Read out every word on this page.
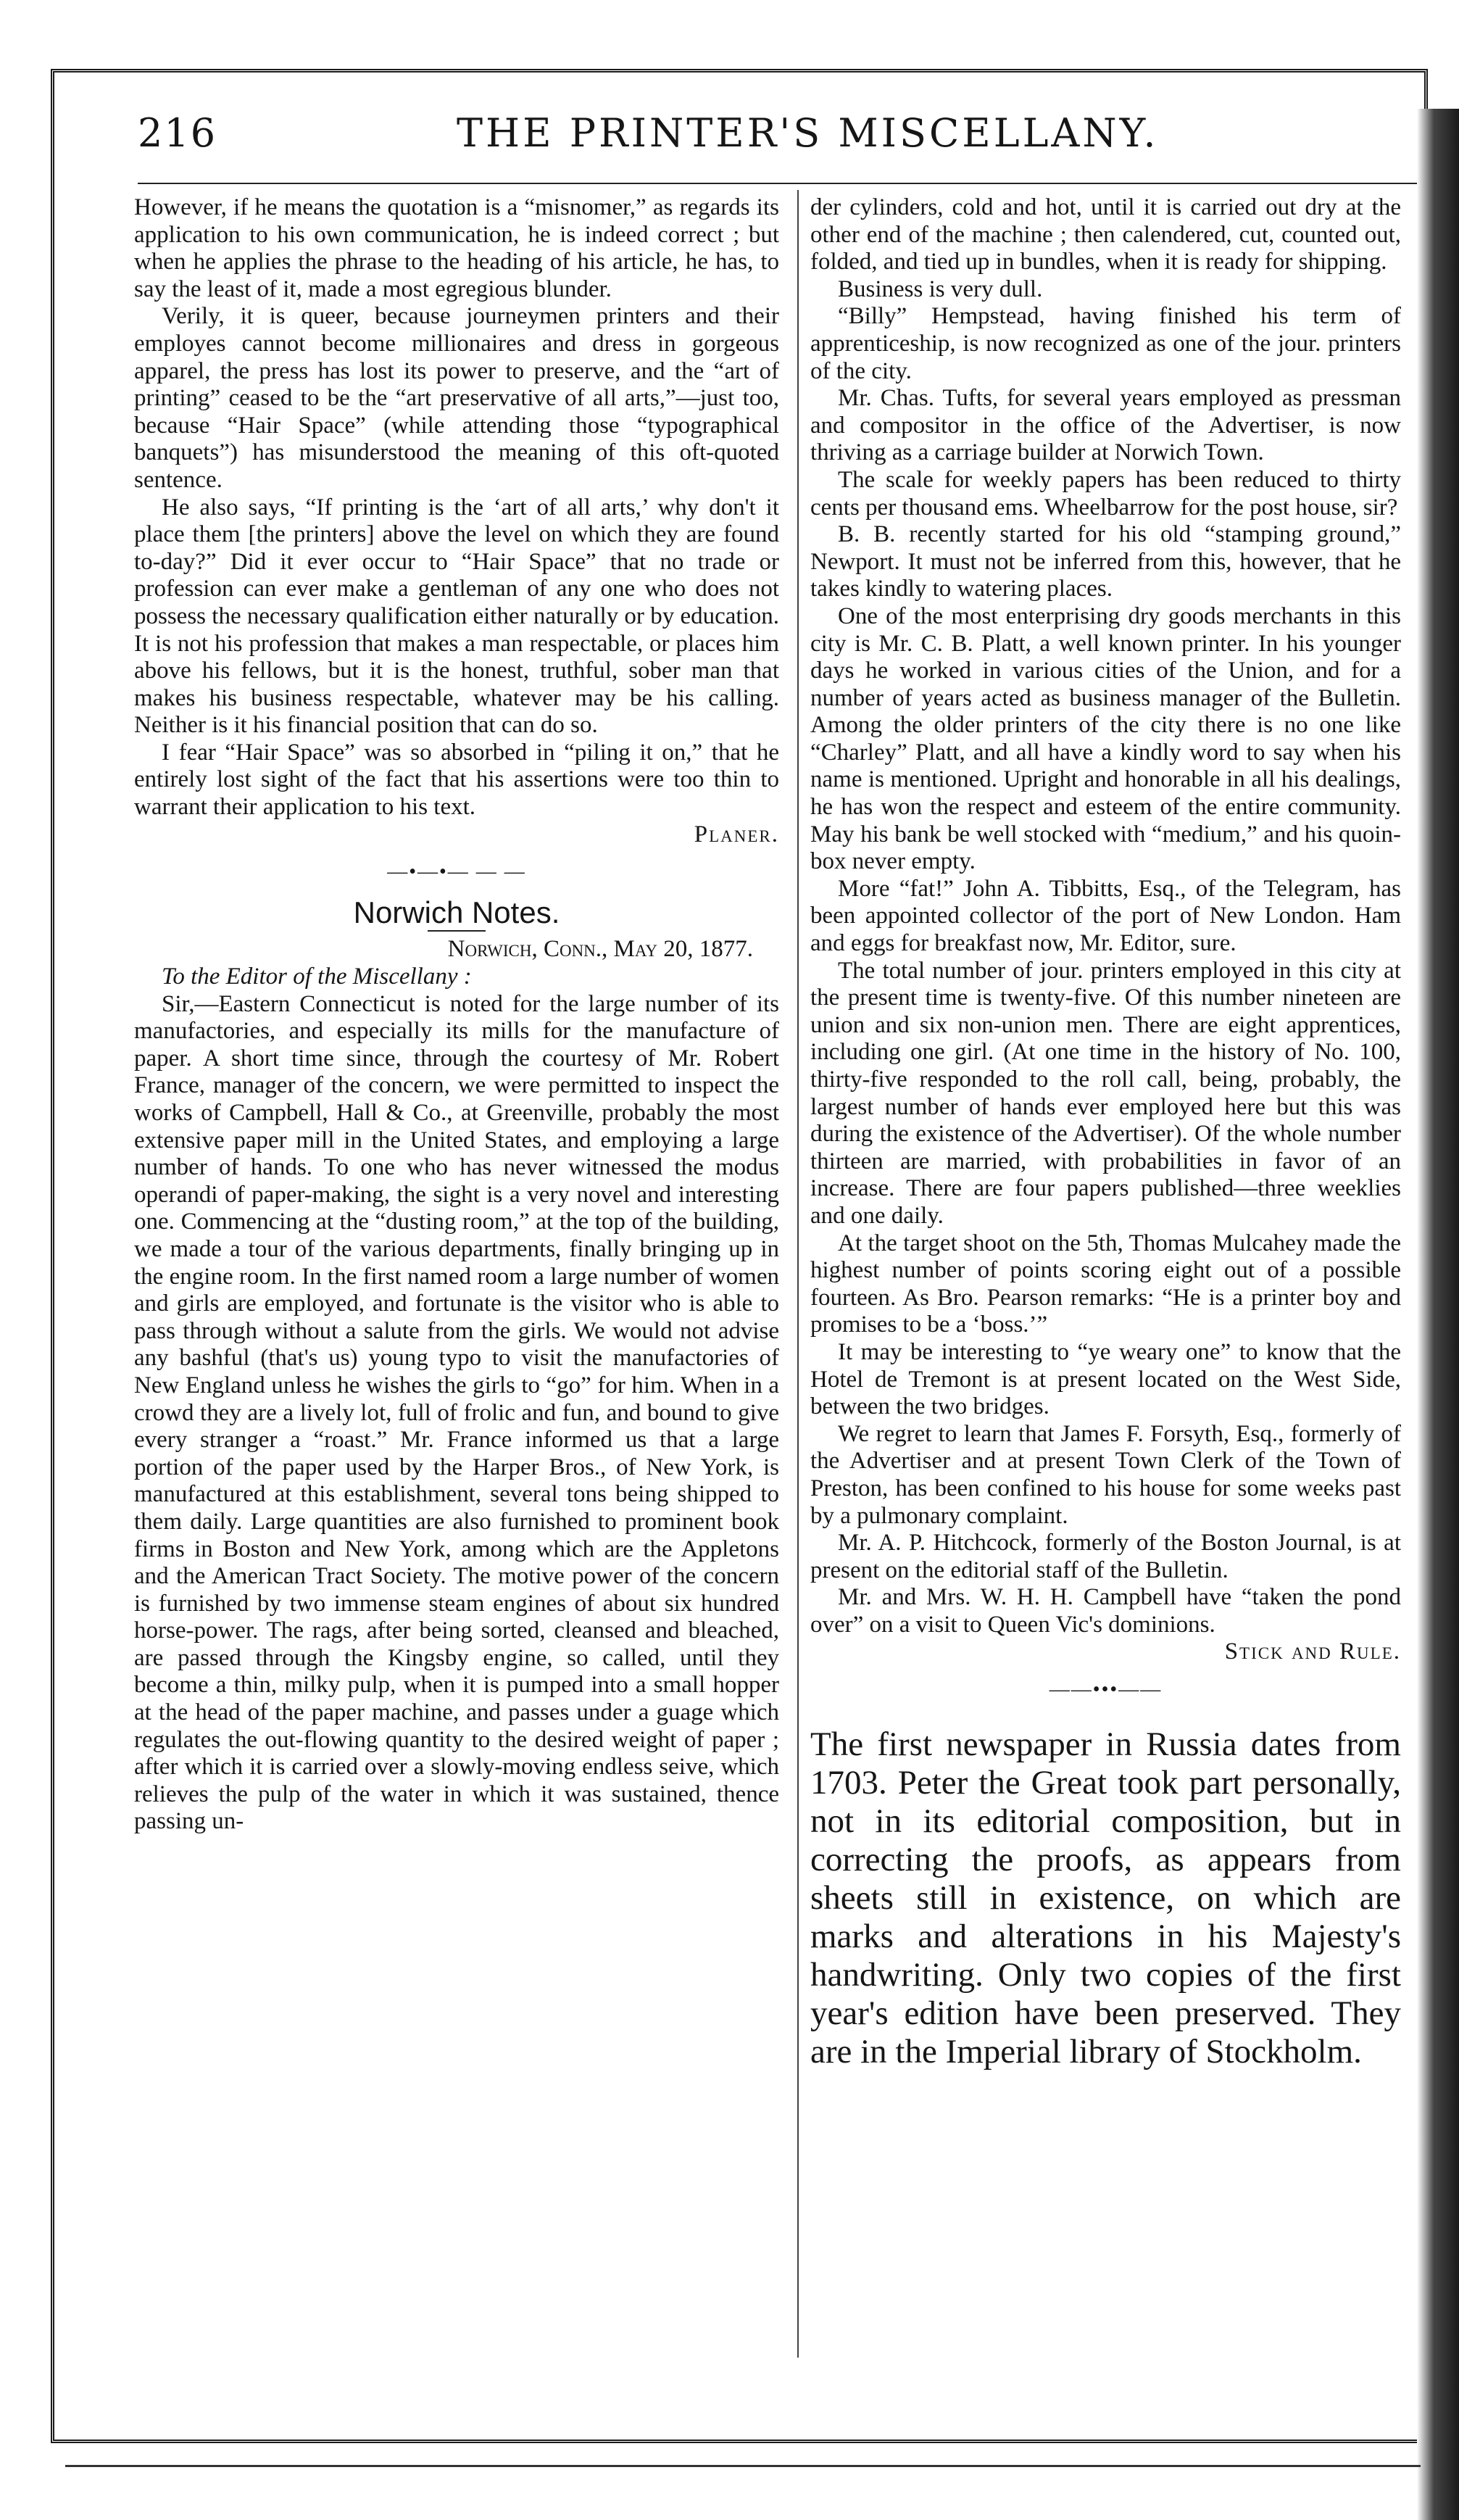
216	THE PRINTER'S MISCELLANY.

However, if he means the quotation is a “misnomer,” as regards its application to his own communication, he is indeed correct ; but when he applies the phrase to the heading of his article, he has, to say the least of it, made a most egregious blunder.

Verily, it is queer, because journeymen printers and their employes cannot become millionaires and dress in gorgeous apparel, the press has lost its power to preserve, and the “art of printing” ceased to be the “art preservative of all arts,”—just too, because “Hair Space” (while attending those “typographical banquets”) has misunderstood the meaning of this oft-quoted sentence.

He also says, “If printing is the ‘art of all arts,’ why don't it place them [the printers] above the level on which they are found to-day?” Did it ever occur to “Hair Space” that no trade or profession can ever make a gentleman of any one who does not possess the necessary qualification either naturally or by education. It is not his profession that makes a man respectable, or places him above his fellows, but it is the honest, truthful, sober man that makes his business respectable, whatever may be his calling. Neither is it his financial position that can do so.

I fear “Hair Space” was so absorbed in “piling it on,” that he entirely lost sight of the fact that his assertions were too thin to warrant their application to his text.

Planer.

—•—•— — —
Norwich Notes.

Norwich, Conn., May 20, 1877.

To the Editor of the Miscellany :

Sir,—Eastern Connecticut is noted for the large number of its manufactories, and especially its mills for the manufacture of paper. A short time since, through the courtesy of Mr. Robert France, manager of the concern, we were permitted to inspect the works of Campbell, Hall & Co., at Greenville, probably the most extensive paper mill in the United States, and employing a large number of hands. To one who has never witnessed the modus operandi of paper-making, the sight is a very novel and interesting one. Commencing at the “dusting room,” at the top of the building, we made a tour of the various departments, finally bringing up in the engine room. In the first named room a large number of women and girls are employed, and fortunate is the visitor who is able to pass through without a salute from the girls. We would not advise any bashful (that's us) young typo to visit the manufactories of New England unless he wishes the girls to “go” for him. When in a crowd they are a lively lot, full of frolic and fun, and bound to give every stranger a “roast.” Mr. France informed us that a large portion of the paper used by the Harper Bros., of New York, is manufactured at this establishment, several tons being shipped to them daily. Large quantities are also furnished to prominent book firms in Boston and New York, among which are the Appletons and the American Tract Society. The motive power of the concern is furnished by two immense steam engines of about six hundred horse-power. The rags, after being sorted, cleansed and bleached, are passed through the Kingsby engine, so called, until they become a thin, milky pulp, when it is pumped into a small hopper at the head of the paper machine, and passes under a guage which regulates the out-flowing quantity to the desired weight of paper ; after which it is carried over a slowly-moving endless seive, which relieves the pulp of the water in which it was sustained, thence passing un-

der cylinders, cold and hot, until it is carried out dry at the other end of the machine ; then calendered, cut, counted out, folded, and tied up in bundles, when it is ready for shipping.

Business is very dull.

“Billy” Hempstead, having finished his term of apprenticeship, is now recognized as one of the jour. printers of the city.

Mr. Chas. Tufts, for several years employed as pressman and compositor in the office of the Advertiser, is now thriving as a carriage builder at Norwich Town.

The scale for weekly papers has been reduced to thirty cents per thousand ems. Wheelbarrow for the post house, sir?

B. B. recently started for his old “stamping ground,” Newport. It must not be inferred from this, however, that he takes kindly to watering places.

One of the most enterprising dry goods merchants in this city is Mr. C. B. Platt, a well known printer. In his younger days he worked in various cities of the Union, and for a number of years acted as business manager of the Bulletin. Among the older printers of the city there is no one like “Charley” Platt, and all have a kindly word to say when his name is mentioned. Upright and honorable in all his dealings, he has won the respect and esteem of the entire community. May his bank be well stocked with “medium,” and his quoin-box never empty.

More “fat!” John A. Tibbitts, Esq., of the Telegram, has been appointed collector of the port of New London. Ham and eggs for breakfast now, Mr. Editor, sure.

The total number of jour. printers employed in this city at the present time is twenty-five. Of this number nineteen are union and six non-union men. There are eight apprentices, including one girl. (At one time in the history of No. 100, thirty-five responded to the roll call, being, probably, the largest number of hands ever employed here but this was during the existence of the Advertiser). Of the whole number thirteen are married, with probabilities in favor of an increase. There are four papers published—three weeklies and one daily.

At the target shoot on the 5th, Thomas Mulcahey made the highest number of points scoring eight out of a possible fourteen. As Bro. Pearson remarks: “He is a printer boy and promises to be a ‘boss.’”

It may be interesting to “ye weary one” to know that the Hotel de Tremont is at present located on the West Side, between the two bridges.

We regret to learn that James F. Forsyth, Esq., formerly of the Advertiser and at present Town Clerk of the Town of Preston, has been confined to his house for some weeks past by a pulmonary complaint.

Mr. A. P. Hitchcock, formerly of the Boston Journal, is at present on the editorial staff of the Bulletin.

Mr. and Mrs. W. H. H. Campbell have “taken the pond over” on a visit to Queen Vic's dominions.

Stick and Rule.

——•••——

The first newspaper in Russia dates from 1703. Peter the Great took part personally, not in its editorial composition, but in correcting the proofs, as appears from sheets still in existence, on which are marks and alterations in his Majesty's handwriting. Only two copies of the first year's edition have been preserved. They are in the Imperial library of Stockholm.
